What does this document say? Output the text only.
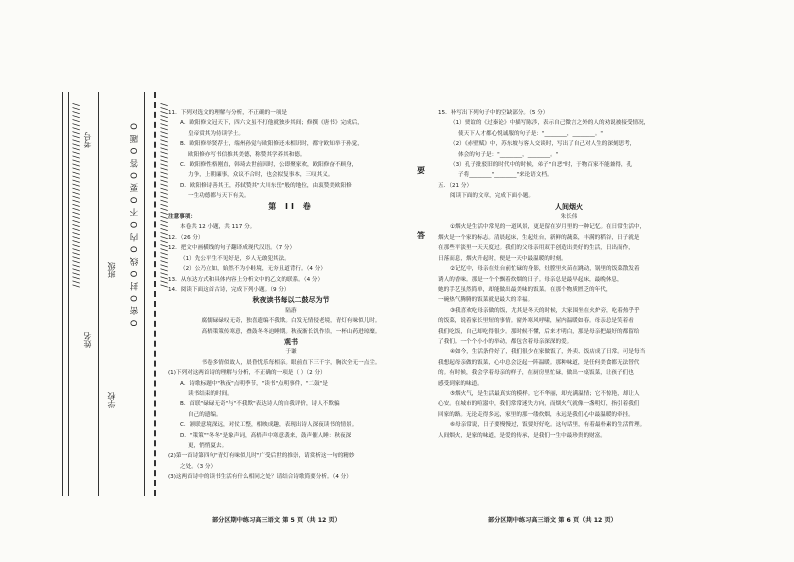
//////////////////////////////////////////////	//////////////////////////////////////////////
O 密 O 封 O 线 O 内 O 不 O 要 O 答 O 题 O
学校
班级
姓名
考号

11．下列对选文的理解与分析，不正确的一项是

A．欧阳修文冠天下，四六文虽不打他就独步其间；修撰《唐书》完成后，

皇帝赏其为侍读学士。

B．欧阳修举贤荐士，端州孙觉与欧阳修还未相识时，都守欧知举于孙觉，

欧阳修亦写书信推其美德，称赞其学养其和德。

C．欧阳修性格刚直，韩琦去世前因时，公即聚家欢，欧阳修奋不顾身，

力争，上朝廉事，众议不合时，也会拟复事本，三叹其义。

D．欧阳修诗善其王，苏轼赞其"大川东岳"般的地位，由衷赞美欧阳修

一生功德都与天下有关。

第 II 卷

注意事项：

本卷共 12 小题，共 117 分。

12．（26 分）

12．把文中画横线的句子翻译成现代汉语。（7 分）

（1）先公平生不见好是，乡人无敢犯其法。

（2）公乃立如，始然不为小畦境，无夯且道背行。（4 分）

13．从东达方式和具体内容上分析文中的乙文的联系。（4 分）

14．阅读下面这首古诗，完成下列小题。（9 分）

秋夜读书每以二鼓尽为节

陆游

腐儒碌碌叹无奇，独喜遗编不我欺。白发无情侵老境，青灯有味似儿时。

高梧策策传寒意，叠鼓冬冬迫睡期。秋夜渐长饥作祟，一杯山药进琼糜。

观书

于谦

书卷多情似故人，晨昏忧乐每相亲。眼前直下三千字，胸次全无一点尘。

(1)下列对这两首诗的理解与分析，不正确的一项是（ ）（2 分）

A．诗歌标题中"秋夜"点明季节，"读书"点明事件，"二鼓"是

读书结束的时间。

B．首联"碌碌无奇"与"不我欺"表达诗人的自我评价，诗人不欺骗

自己的遗编。

C．颔联意境深远，对仗工整，相映成趣，表现出诗人深夜读书的情景。

D．"策策""冬冬"是象声词，高梧声中寒意袭来，鼓声催人睡：秋夜深

更，悄悄夏去。

(2)第一首诗第四句"青灯有味似儿时"广受后世的推崇，请赏析这一句的精妙

之处。（3 分）

(3)这两首诗中的读书生活有什么相同之处？请结合诗歌简要分析。（4 分）

15．补写出下列句子中的空缺部分。（5 分）

（1）贾谊的《过秦论》中描写陈涉，表示自己微言之外的人的劝说被接受情况，

使天下人才都心悦诚服的句子是："________，________。"

（2）《赤壁赋》中，苏东坡与客人交谈时，写出了自己对人生的深刻思考，

体会的句子是："________，________。"

（3）孔子批驳旧的时代中的时候，弟子"自恶"时，于物百家不能兼得，孔

子将________"________"来论语文档。

五．（21 分）

阅读下面的文章，完成下面小题。

人间烟火

朱长伟

①烟火是生活中常见的一道风景，更是留在岁月里的一种记忆。在日常生活中，

烟火是一个家的标志。清晨起床，生起灶台，新鲜的蔬菜，丰满的稻谷，日子就是

在那些平淡里一天天度过。我们的父母亲用双手创造出美好的生活，日出而作，

日落而息，烟火升起时，便是一天中最温暖的时刻。

②记忆中，母亲在灶台前忙碌的身影，灶膛里火苗在跳动，锅里的饭菜散发着

诱人的香味。那是一个个飘着炊烟的日子。母亲总是最早起床，最晚休息，

她的手艺虽然简单，却能做出最美味的饭菜。在那个物质匮乏的年代，

一碗热气腾腾的饭菜就是最大的幸福。

③我喜欢吃母亲做的饭，尤其是冬天的时候，大家围坐在火炉旁，吃着热乎乎

的饭菜，说着家长里短的事情。窗外寒风呼啸，屋内温暖如春。母亲总是笑着看

我们吃饭，自己却吃得很少。那时候不懂，后来才明白，那是母亲把最好的都留给

了我们。一个个小小的举动，都包含着母亲深深的爱。

④如今，生活条件好了，我们很少在家做饭了，外卖、饭店成了日常。可是每当

我想起母亲做的饭菜，心中总会泛起一阵温暖。那种味道，是任何美食都无法替代

的。有时候，我会学着母亲的样子，在厨房里忙碌，做出一桌饭菜，让孩子们也

感受到家的味道。

⑤烟火气，是生活最真实的模样。它不华丽，却充满温情；它不惊艳，却让人

心安。在城市的喧嚣中，我们常常迷失方向，而烟火气就像一盏明灯，指引着我们

回家的路。无论走得多远，家里的那一缕炊烟，永远是我们心中最温暖的牵挂。

⑥母亲常说，日子要慢慢过，饭要好好吃。这句话里，有着最朴素的生活哲理。

人间烟火，是家的味道，是爱的传承，是我们一生中最珍贵的财富。

要
答
部分区期中练习高三语文 第 5 页（共 12 页）	部分区期中练习高三语文 第 6 页（共 12 页）
